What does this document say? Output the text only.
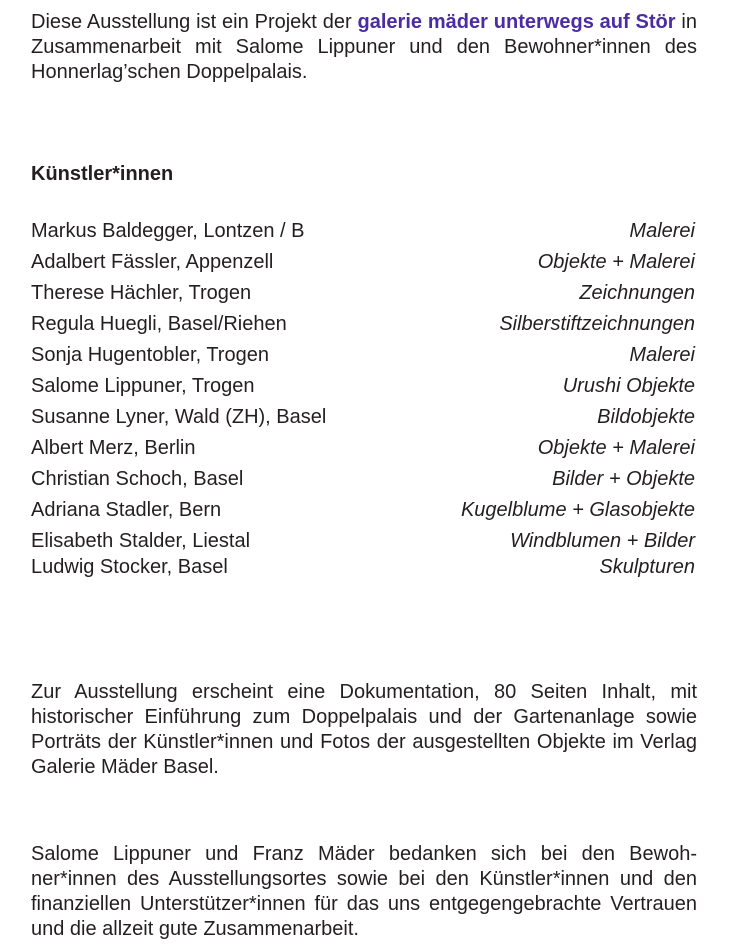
Diese Ausstellung ist ein Projekt der galerie mäder unterwegs auf Stör in Zusammenarbeit mit Salome Lippuner und den Bewohner*innen des Honnerlag’schen Doppelpalais.

Künstler*innen
Markus Baldegger, Lontzen / B	Malerei
Adalbert Fässler, Appenzell	Objekte + Malerei
Therese Hächler, Trogen	Zeichnungen
Regula Huegli, Basel/Riehen	Silberstiftzeichnungen
Sonja Hugentobler, Trogen	Malerei
Salome Lippuner, Trogen	Urushi Objekte
Susanne Lyner, Wald (ZH), Basel	Bildobjekte
Albert Merz, Berlin	Objekte + Malerei
Christian Schoch, Basel	Bilder + Objekte
Adriana Stadler, Bern	Kugelblume + Glasobjekte
Elisabeth Stalder, Liestal	Windblumen + Bilder
Ludwig Stocker, Basel	Skulpturen

Zur Ausstellung erscheint eine Dokumentation, 80 Seiten Inhalt, mit historischer Einführung zum Doppelpalais und der Gartenanlage sowie Porträts der Künstler*innen und Fotos der ausgestellten Objekte im Verlag Galerie Mäder Basel.

Salome Lippuner und Franz Mäder bedanken sich bei den Bewohner*innen des Ausstellungsortes sowie bei den Künstler*innen und den finanziellen Unterstützer*innen für das uns entgegengebrachte Vertrauen und die allzeit gute Zusammenarbeit.
